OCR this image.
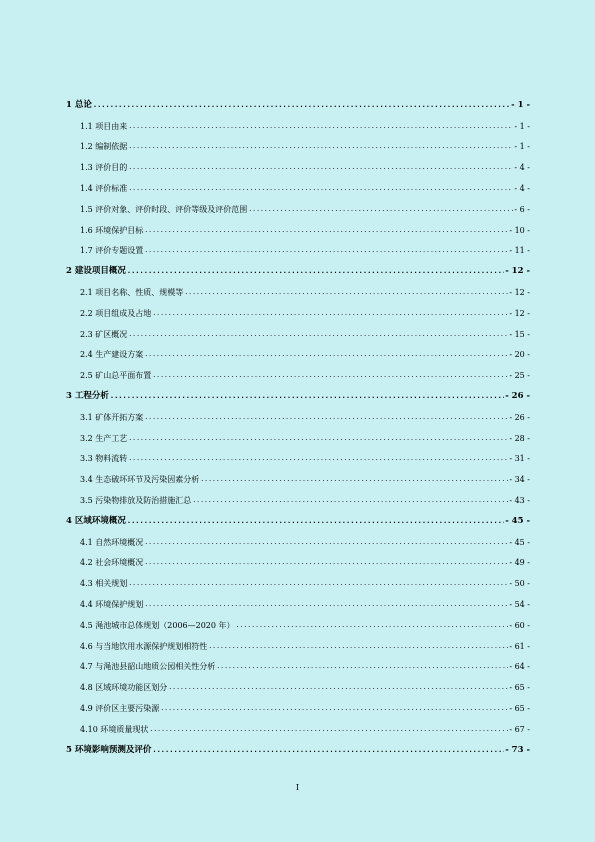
1 总论 .....	- 1 -
1.1 项目由来 .....	- 1 -
1.2 编制依据 .....	- 1 -
1.3 评价目的 .....	- 4 -
1.4 评价标准 .....	- 4 -
1.5 评价对象、评价时段、评价等级及评价范围 .....	- 6 -
1.6 环境保护目标 .....	- 10 -
1.7 评价专题设置 .....	- 11 -
2 建设项目概况 .....	- 12 -
2.1 项目名称、性质、规模等 .....	- 12 -
2.2 项目组成及占地 .....	- 12 -
2.3 矿区概况 .....	- 15 -
2.4 生产建设方案 .....	- 20 -
2.5 矿山总平面布置 .....	- 25 -
3 工程分析 .....	- 26 -
3.1 矿体开拓方案 .....	- 26 -
3.2 生产工艺 .....	- 28 -
3.3 物料流转 .....	- 31 -
3.4 生态破坏环节及污染因素分析 .....	- 34 -
3.5 污染物排放及防治措施汇总 .....	- 43 -
4 区域环境概况 .....	- 45 -
4.1 自然环境概况 .....	- 45 -
4.2 社会环境概况 .....	- 49 -
4.3 相关规划 .....	- 50 -
4.4 环境保护规划 .....	- 54 -
4.5 渑池城市总体规划（2006—2020 年） .....	- 60 -
4.6 与当地饮用水源保护规划相符性 .....	- 61 -
4.7 与渑池县韶山地质公园相关性分析 .....	- 64 -
4.8 区域环境功能区划分 .....	- 65 -
4.9 评价区主要污染源 .....	- 65 -
4.10 环境质量现状 .....	- 67 -
5 环境影响预测及评价 .....	- 73 -
I
